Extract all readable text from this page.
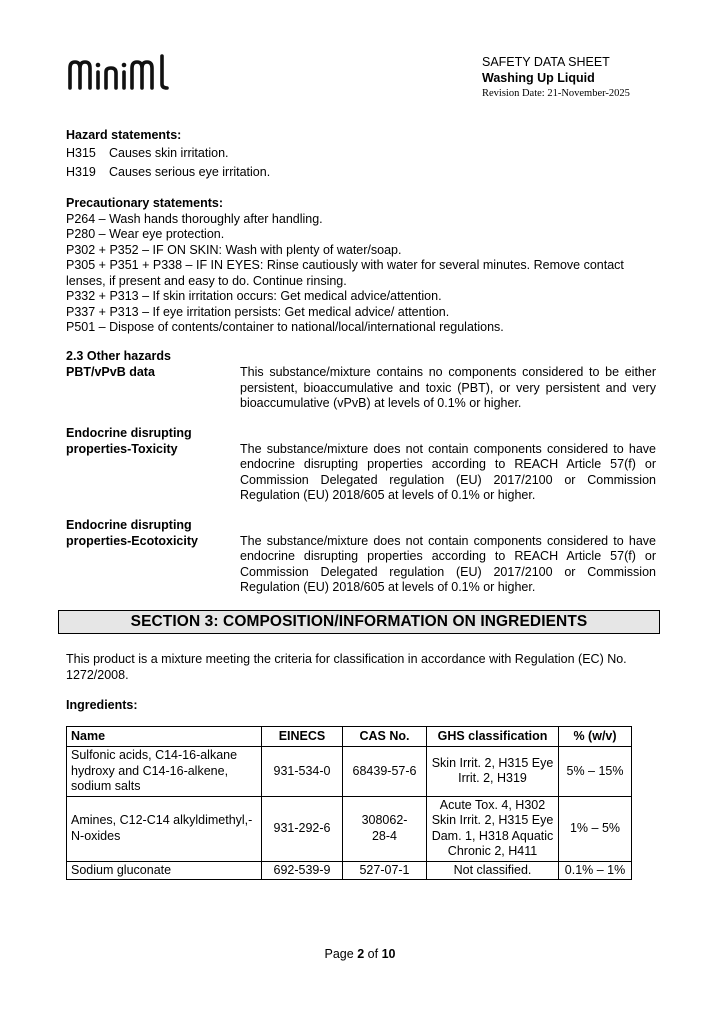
SAFETY DATA SHEET
Washing Up Liquid
Revision Date: 21-November-2025
Hazard statements:
H315	Causes skin irritation.
H319	Causes serious eye irritation.
Precautionary statements:
P264 – Wash hands thoroughly after handling.
P280 – Wear eye protection.
P302 + P352 – IF ON SKIN: Wash with plenty of water/soap.
P305 + P351 + P338 – IF IN EYES: Rinse cautiously with water for several minutes. Remove contact lenses, if present and easy to do. Continue rinsing.
P332 + P313 – If skin irritation occurs: Get medical advice/attention.
P337 + P313 – If eye irritation persists: Get medical advice/ attention.
P501 – Dispose of contents/container to national/local/international regulations.
2.3 Other hazards
PBT/vPvB data	This substance/mixture contains no components considered to be either persistent, bioaccumulative and toxic (PBT), or very persistent and very bioaccumulative (vPvB) at levels of 0.1% or higher.
Endocrine disrupting
properties-Toxicity	The substance/mixture does not contain components considered to have endocrine disrupting properties according to REACH Article 57(f) or Commission Delegated regulation (EU) 2017/2100 or Commission Regulation (EU) 2018/605 at levels of 0.1% or higher.
Endocrine disrupting
properties-Ecotoxicity	The substance/mixture does not contain components considered to have endocrine disrupting properties according to REACH Article 57(f) or Commission Delegated regulation (EU) 2017/2100 or Commission Regulation (EU) 2018/605 at levels of 0.1% or higher.
SECTION 3: COMPOSITION/INFORMATION ON INGREDIENTS
This product is a mixture meeting the criteria for classification in accordance with Regulation (EC) No. 1272/2008.
Ingredients:
Name	EINECS	CAS No.	GHS classification	% (w/v)
Sulfonic acids, C14-16-alkane hydroxy and C14-16-alkene, sodium salts	931-534-0	68439-57-6	Skin Irrit. 2, H315 Eye Irrit. 2, H319	5% – 15%
Amines, C12-C14 alkyldimethyl,-N-oxides	931-292-6	308062-28-4	Acute Tox. 4, H302 Skin Irrit. 2, H315 Eye Dam. 1, H318 Aquatic Chronic 2, H411	1% – 5%
Sodium gluconate	692-539-9	527-07-1	Not classified.	0.1% – 1%
Page 2 of 10
